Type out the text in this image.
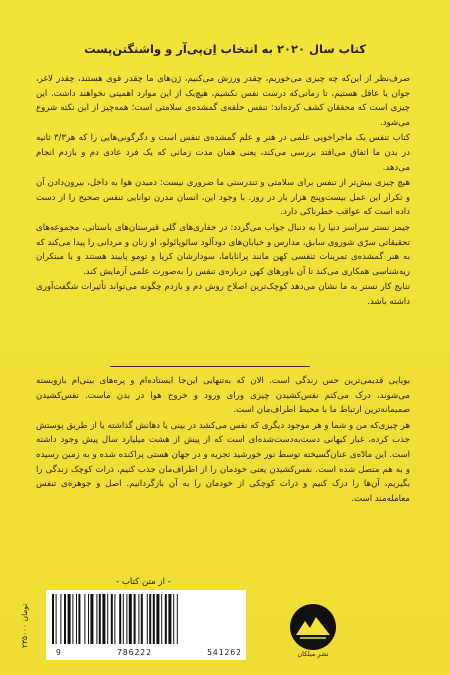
کتاب سال ۲۰۲۰ به انتخاب اِن‌پی‌آر و واشنگتن‌پست

صرف‌نظر از این‌که چه چیزی می‌خوریم، چقدر ورزش می‌کنیم، ژن‌های ما چقدر قوی هستند، چقدر لاغر، جوان یا عاقل هستیم، تا زمانی‌که درست نفس نکشیم، هیچ‌یک از این موارد اهمیتی نخواهند داشت. این چیزی است که محققان کشف کرده‌اند: تنفس حلقه‌ی گمشده‌ی سلامتی است؛ همه‌چیز از این نکته شروع می‌شود.

کتاب تنفس یک ماجراجویی علمی در هنر و علم گمشده‌ی تنفس است و دگرگونی‌هایی را که هر۳/۳ ثانیه در بدن ما اتفاق می‌افتد بررسی می‌کند، یعنی همان مدت زمانی که یک فرد عادی دم و بازدم انجام می‌دهد.

هیچ چیزی بیش‌تر از تنفس برای سلامتی و تندرستی ما ضروری نیست: دمیدن هوا به داخل، بیرون‌دادن آن و تکرار این عمل بیست‌وپنج هزار بار در روز. با وجود این، انسان مدرن توانایی تنفس صحیح را از دست داده است که عواقب خطرناکی دارد.

جیمز نستر سراسر دنیا را به دنبال جواب می‌گردد: در حفاری‌های گلی قبرستان‌های باستانی، مجموعه‌های تحقیقاتی سرّی شوروی سابق، مدارس و خیابان‌های دودآلود سائوپائولو، او زنان و مردانی را پیدا می‌کند که به هنر گمشده‌ی تمرینات تنفسی کهن مانند پرانایاما، سودارشان کریا و تومو پایبند هستند و با مبتکران ریه‌شناسی همکاری می‌کند تا آن باورهای کهن درباره‌ی تنفس را به‌صورت علمی آزمایش کند.

نتایج کار نستر به ما نشان می‌دهد کوچک‌ترین اصلاح روش دم و بازدم چگونه می‌تواند تأثیرات شگفت‌آوری داشته باشد.

بویایی قدیمی‌ترین حس زندگی است. الان که به‌تنهایی این‌جا ایستاده‌ام و پره‌های بینی‌ام بازوبسته می‌شوند، درک می‌کنم نفس‌کشیدن چیزی ورای ورود و خروج هوا در بدن ماست. نفس‌کشیدن صمیمانه‌ترین ارتباط ما با محیط اطراف‌مان است.

هر چیزی‌که من و شما و هر موجود دیگری که نفس می‌کشد در بینی یا دهانش گذاشته یا از طریق پوستش جذب کرده، غبار کیهانی دست‌به‌دست‌شده‌ای است که از پیش از هشت میلیارد سال پیش وجود داشته است. این مادّه‌ی عنان‌گسیخته توسط نور خورشید تجزیه و در جهان هستی پراکنده شده و به زمین رسیده و به هم متصل شده است. نفس‌کشیدن یعنی خودمان را از اطراف‌مان جذب کنیم، ذرات کوچک زندگی را بگیریم، آن‌ها را درک کنیم و ذرات کوچکی از خودمان را به آن بازگردانیم. اصل و جوهره‌ی تنفس معامله‌مند است.

- از متن کتاب -
۲۳۵۰۰۰ تومان
9	786222	541262	نشر میلکان
